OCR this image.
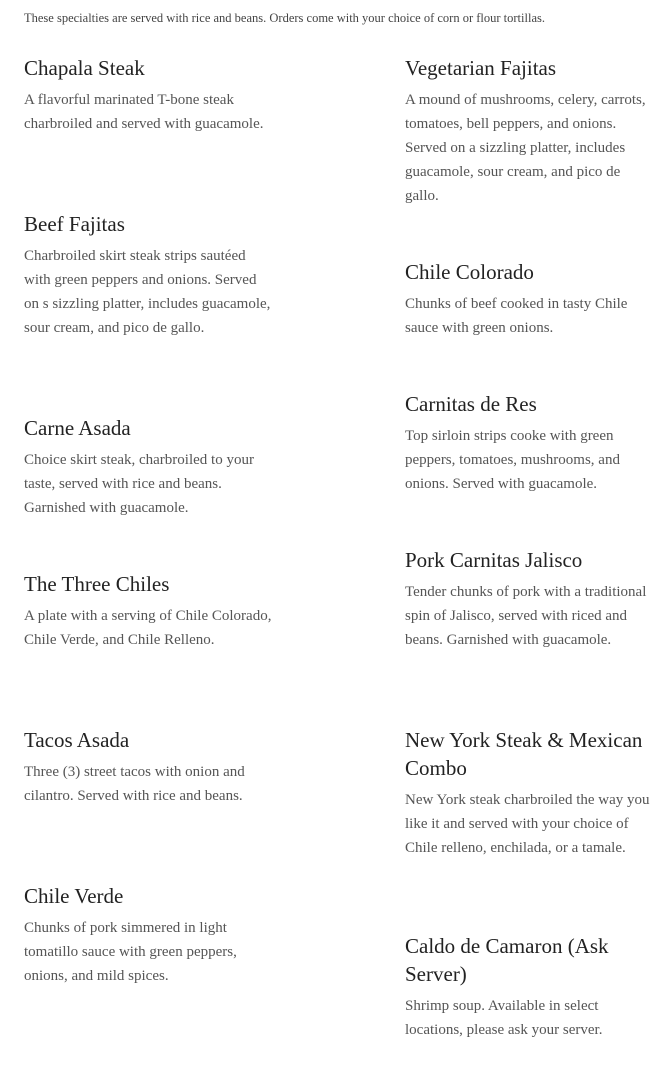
These specialties are served with rice and beans. Orders come with your choice of corn or flour tortillas.
Chapala Steak

A flavorful marinated T-bone steak charbroiled and served with guacamole.

Beef Fajitas

Charbroiled skirt steak strips sautéed with green peppers and onions. Served on s sizzling platter, includes guacamole, sour cream, and pico de gallo.

Carne Asada

Choice skirt steak, charbroiled to your taste, served with rice and beans. Garnished with guacamole.

The Three Chiles

A plate with a serving of Chile Colorado, Chile Verde, and Chile Relleno.

Tacos Asada

Three (3) street tacos with onion and cilantro. Served with rice and beans.

Chile Verde

Chunks of pork simmered in light tomatillo sauce with green peppers, onions, and mild spices.

Vegetarian Fajitas

A mound of mushrooms, celery, carrots, tomatoes, bell peppers, and onions. Served on a sizzling platter, includes guacamole, sour cream, and pico de gallo.

Chile Colorado

Chunks of beef cooked in tasty Chile sauce with green onions.

Carnitas de Res

Top sirloin strips cooke with green peppers, tomatoes, mushrooms, and onions. Served with guacamole.

Pork Carnitas Jalisco

Tender chunks of pork with a traditional spin of Jalisco, served with riced and beans. Garnished with guacamole.

New York Steak & Mexican Combo

New York steak charbroiled the way you like it and served with your choice of Chile relleno, enchilada, or a tamale.

Caldo de Camaron (Ask Server)

Shrimp soup. Available in select locations, please ask your server.
